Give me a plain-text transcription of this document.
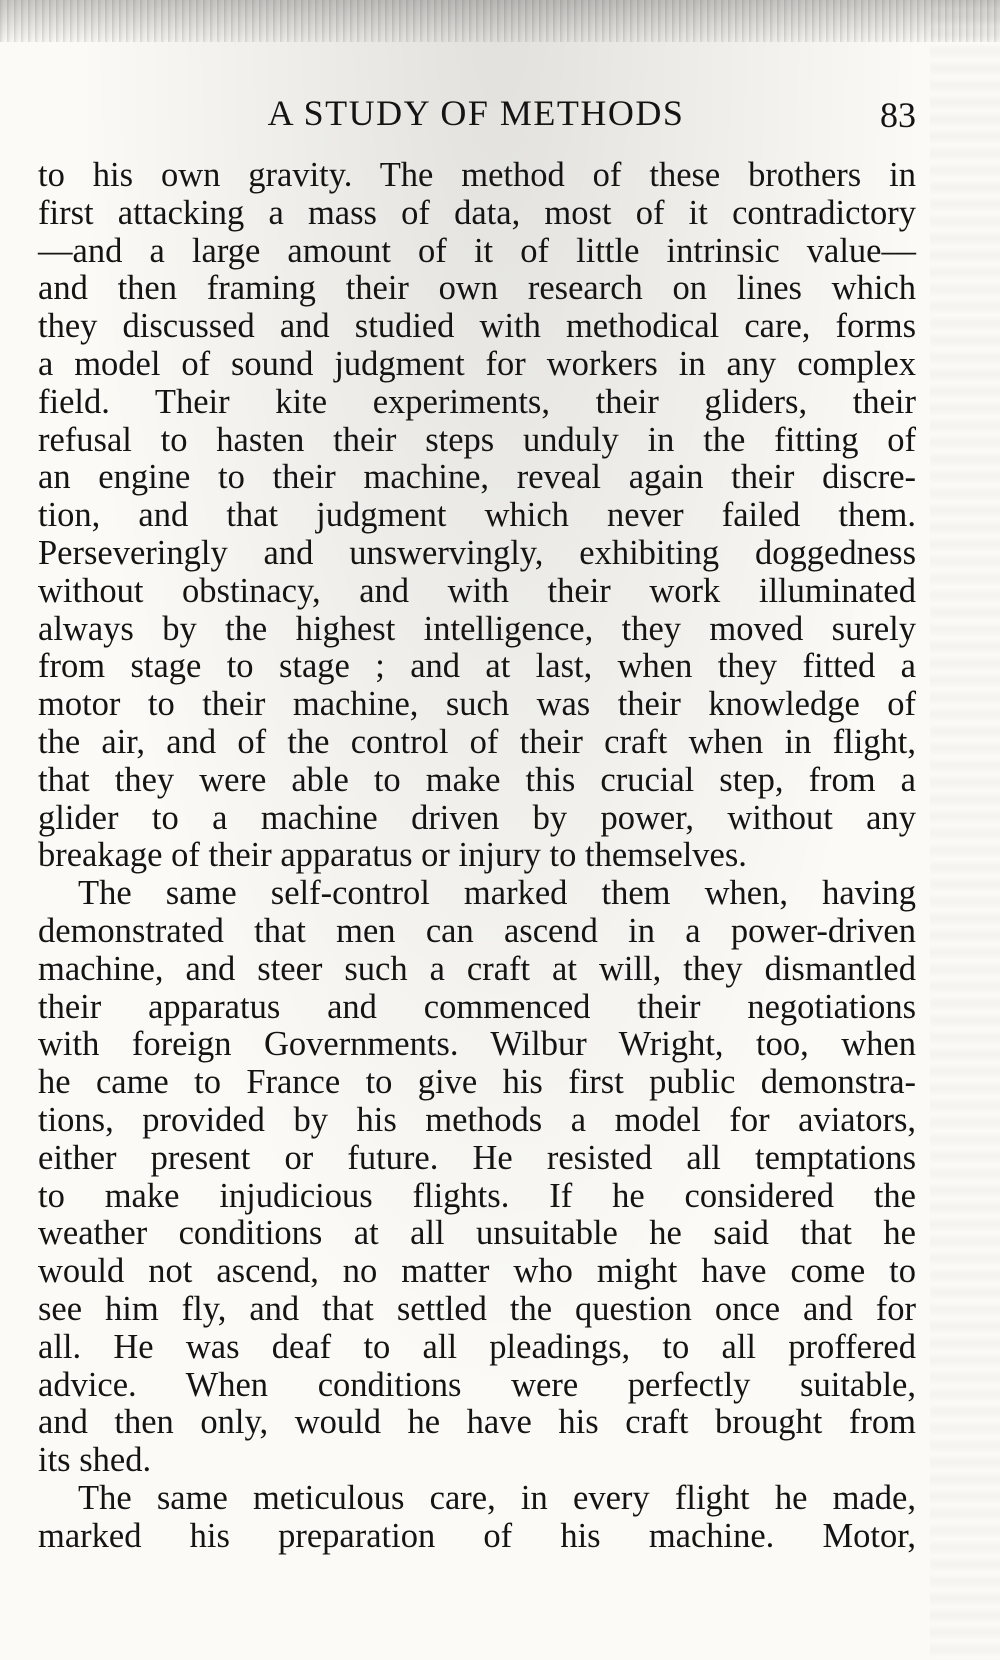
A STUDY OF METHODS	83
to his own gravity. The method of these brothers in
first attacking a mass of data, most of it contradictory
—and a large amount of it of little intrinsic value—
and then framing their own research on lines which
they discussed and studied with methodical care, forms
a model of sound judgment for workers in any complex
field. Their kite experiments, their gliders, their
refusal to hasten their steps unduly in the fitting of
an engine to their machine, reveal again their discre-
tion, and that judgment which never failed them.
Perseveringly and unswervingly, exhibiting doggedness
without obstinacy, and with their work illuminated
always by the highest intelligence, they moved surely
from stage to stage ; and at last, when they fitted a
motor to their machine, such was their knowledge of
the air, and of the control of their craft when in flight,
that they were able to make this crucial step, from a
glider to a machine driven by power, without any
breakage of their apparatus or injury to themselves.
The same self-control marked them when, having
demonstrated that men can ascend in a power-driven
machine, and steer such a craft at will, they dismantled
their apparatus and commenced their negotiations
with foreign Governments. Wilbur Wright, too, when
he came to France to give his first public demonstra-
tions, provided by his methods a model for aviators,
either present or future. He resisted all temptations
to make injudicious flights. If he considered the
weather conditions at all unsuitable he said that he
would not ascend, no matter who might have come to
see him fly, and that settled the question once and for
all. He was deaf to all pleadings, to all proffered
advice. When conditions were perfectly suitable,
and then only, would he have his craft brought from
its shed.
The same meticulous care, in every flight he made,
marked his preparation of his machine. Motor,
